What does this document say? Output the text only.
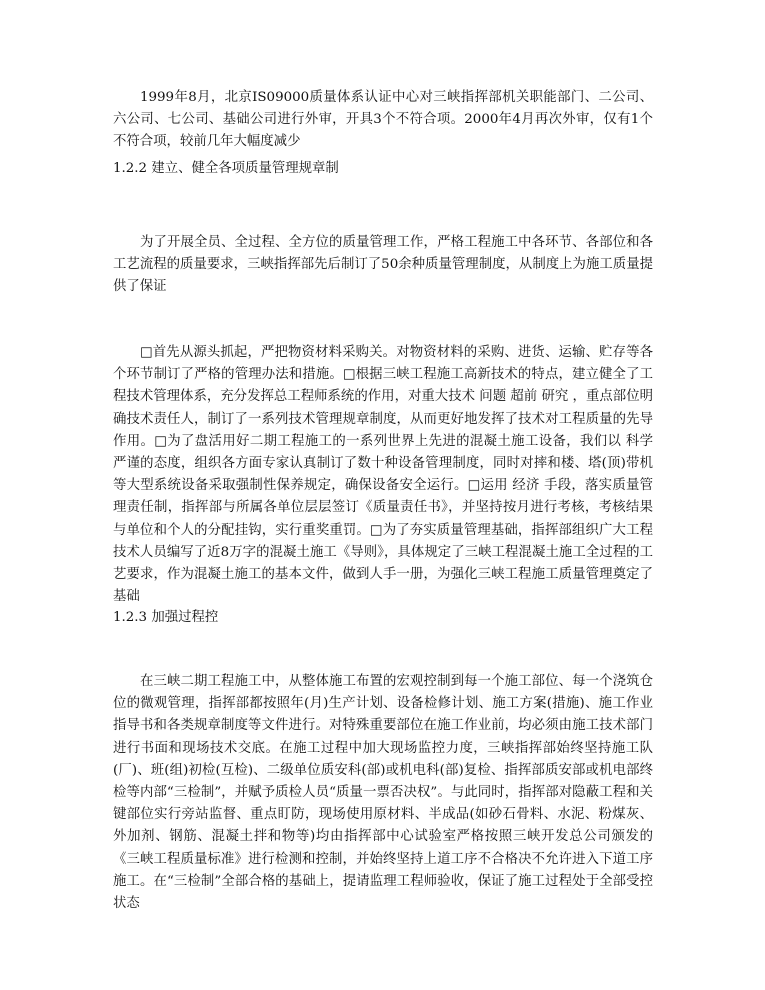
1999年8月，北京IS09000质量体系认证中心对三峡指挥部机关职能部门、二公司、六公司、七公司、基础公司进行外审，开具3个不符合项。2000年4月再次外审，仅有1个不符合项，较前几年大幅度减少

1.2.2 建立、健全各项质量管理规章制

为了开展全员、全过程、全方位的质量管理工作，严格工程施工中各环节、各部位和各工艺流程的质量要求，三峡指挥部先后制订了50余种质量管理制度，从制度上为施工质量提供了保证

□首先从源头抓起，严把物资材料采购关。对物资材料的采购、进货、运输、贮存等各个环节制订了严格的管理办法和措施。□根据三峡工程施工高新技术的特点，建立健全了工程技术管理体系，充分发挥总工程师系统的作用，对重大技术 问题 超前 研究 ，重点部位明确技术责任人，制订了一系列技术管理规章制度，从而更好地发挥了技术对工程质量的先导作用。□为了盘活用好二期工程施工的一系列世界上先进的混凝土施工设备，我们以 科学 严谨的态度，组织各方面专家认真制订了数十种设备管理制度，同时对摔和楼、塔(顶)带机等大型系统设备采取强制性保养规定，确保设备安全运行。□运用 经济 手段，落实质量管理责任制，指挥部与所属各单位层层签订《质量责任书》，并坚持按月进行考核，考核结果与单位和个人的分配挂钩，实行重奖重罚。□为了夯实质量管理基础，指挥部组织广大工程技术人员编写了近8万字的混凝土施工《导则》，具体规定了三峡工程混凝土施工全过程的工艺要求，作为混凝土施工的基本文件，做到人手一册，为强化三峡工程施工质量管理奠定了基础

1.2.3 加强过程控

在三峡二期工程施工中，从整体施工布置的宏观控制到每一个施工部位、每一个浇筑仓位的微观管理，指挥部都按照年(月)生产计划、设备检修计划、施工方案(措施)、施工作业指导书和各类规章制度等文件进行。对特殊重要部位在施工作业前，均必须由施工技术部门进行书面和现场技术交底。在施工过程中加大现场监控力度，三峡指挥部始终坚持施工队(厂)、班(组)初检(互检)、二级单位质安科(部)或机电科(部)复检、指挥部质安部或机电部终检等内部“三检制”，并赋予质检人员“质量一票否决权”。与此同时，指挥部对隐蔽工程和关键部位实行旁站监督、重点盯防，现场使用原材料、半成品(如砂石骨料、水泥、粉煤灰、外加剂、钢筋、混凝土拌和物等)均由指挥部中心试验室严格按照三峡开发总公司颁发的《三峡工程质量标准》进行检测和控制，并始终坚持上道工序不合格决不允许进入下道工序施工。在“三检制”全部合格的基础上，提请监理工程师验收，保证了施工过程处于全部受控状态
